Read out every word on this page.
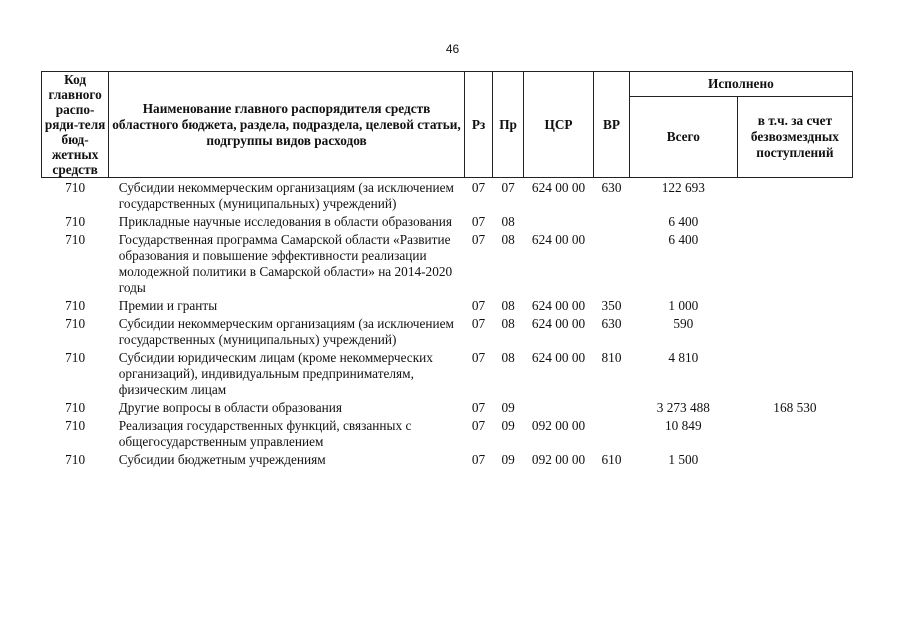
46
Код главного распо-ряди-теля бюд-жетных средств	Наименование главного распорядителя средств областного бюджета, раздела, подраздела, целевой статьи, подгруппы видов расходов	Рз	Пр	ЦСР	ВР	Исполнено	
						Всего	в т.ч. за счет безвозмездных поступлений
710	Субсидии некоммерческим организациям (за исключением государственных (муниципальных) учреждений)	07	07	624 00 00	630	122 693	
710	Прикладные научные исследования в области образования	07	08			6 400	
710	Государственная программа Самарской области «Развитие образования и повышение эффективности реализации молодежной политики в Самарской области» на 2014-2020 годы	07	08	624 00 00		6 400	
710	Премии и гранты	07	08	624 00 00	350	1 000	
710	Субсидии некоммерческим организациям (за исключением государственных (муниципальных) учреждений)	07	08	624 00 00	630	590	
710	Субсидии юридическим лицам (кроме некоммерческих организаций), индивидуальным предпринимателям, физическим лицам	07	08	624 00 00	810	4 810	
710	Другие вопросы в области образования	07	09			3 273 488	168 530
710	Реализация государственных функций, связанных с общегосударственным управлением	07	09	092 00 00		10 849	
710	Субсидии бюджетным учреждениям	07	09	092 00 00	610	1 500	
